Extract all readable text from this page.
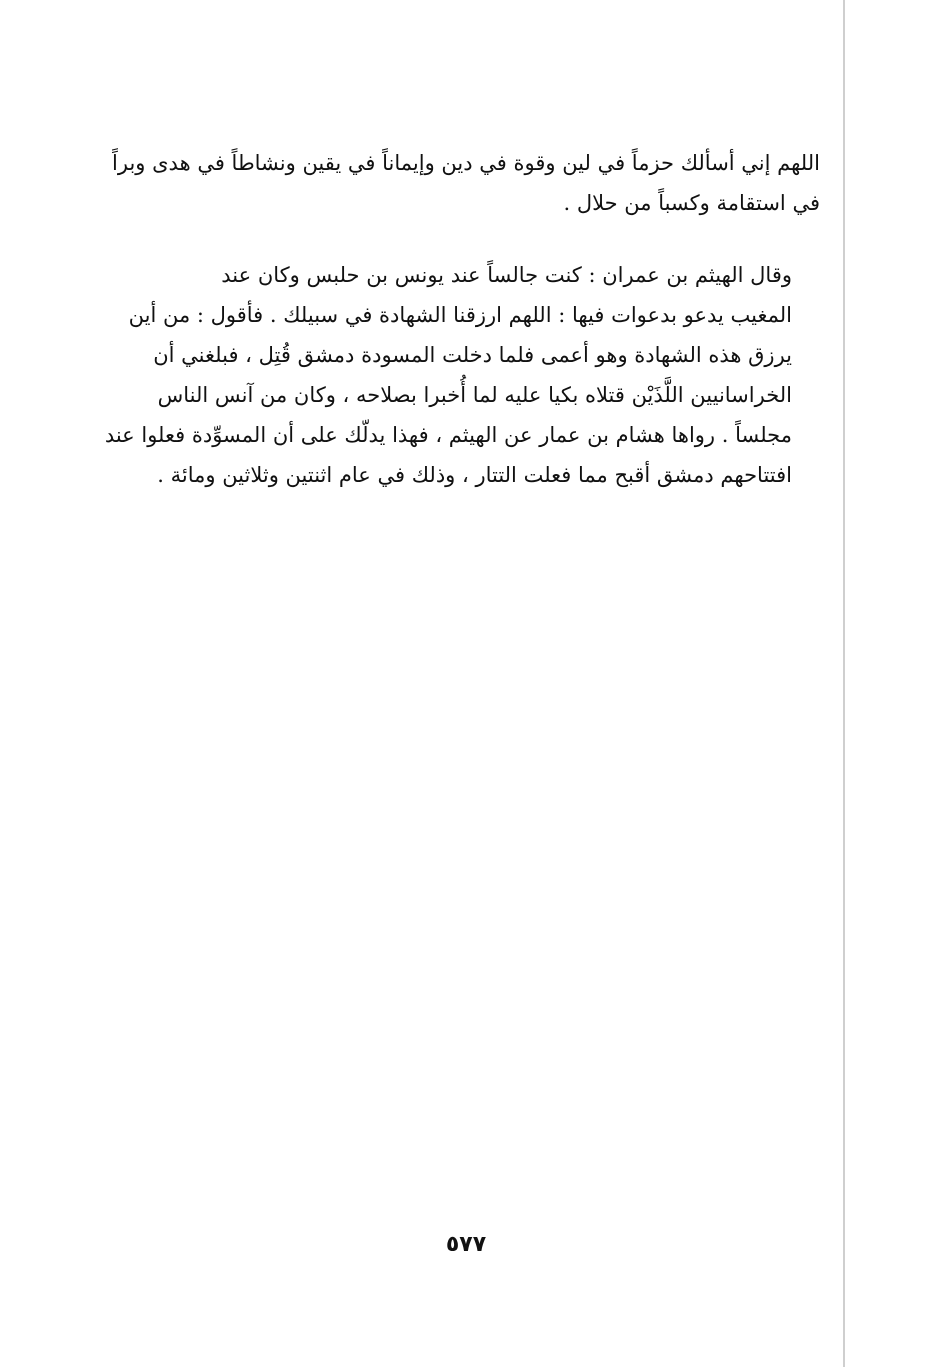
اللهم إني أسألك حزماً في لين وقوة في دين وإيماناً في يقين ونشاطاً في هدى وبراً
في استقامة وكسباً من حلال .

وقال الهيثم بن عمران : كنت جالساً عند يونس بن حلبس وكان عند
المغيب يدعو بدعوات فيها : اللهم ارزقنا الشهادة في سبيلك . فأقول : من أين
يرزق هذه الشهادة وهو أعمى فلما دخلت المسودة دمشق قُتِل ، فبلغني أن
الخراسانيين اللَّذَيْن قتلاه بكيا عليه لما أُخبرا بصلاحه ، وكان من آنس الناس
مجلساً . رواها هشام بن عمار عن الهيثم ، فهذا يدلّك على أن المسوِّدة فعلوا عند
افتتاحهم دمشق أقبح مما فعلت التتار ، وذلك في عام اثنتين وثلاثين ومائة .

٥٧٧
